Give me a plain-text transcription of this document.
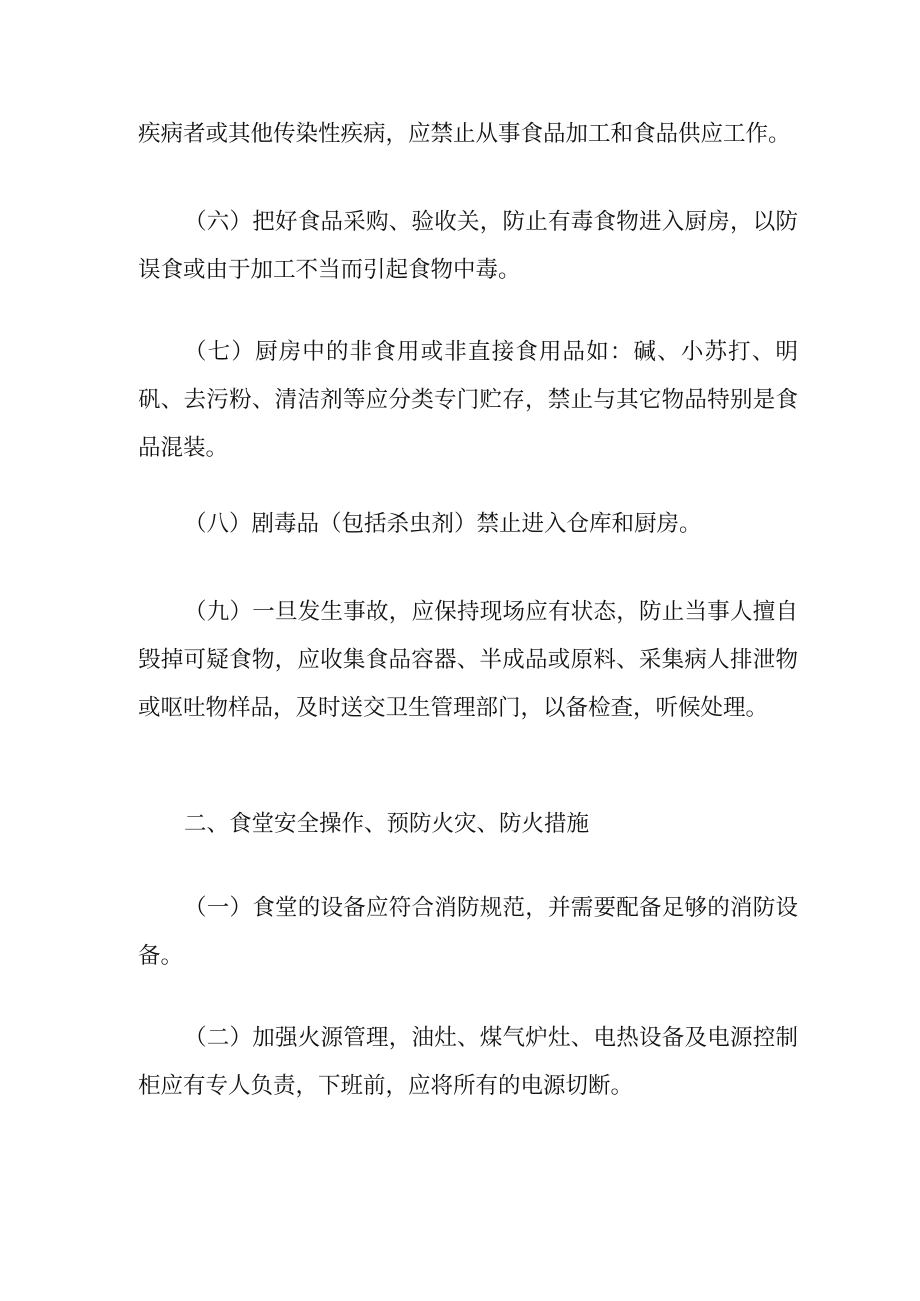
疾病者或其他传染性疾病，应禁止从事食品加工和食品供应工作。

（六）把好食品采购、验收关，防止有毒食物进入厨房，以防误食或由于加工不当而引起食物中毒。

（七）厨房中的非食用或非直接食用品如：碱、小苏打、明矾、去污粉、清洁剂等应分类专门贮存，禁止与其它物品特别是食品混装。

（八）剧毒品（包括杀虫剂）禁止进入仓库和厨房。

（九）一旦发生事故，应保持现场应有状态，防止当事人擅自毁掉可疑食物，应收集食品容器、半成品或原料、采集病人排泄物或呕吐物样品，及时送交卫生管理部门，以备检查，听候处理。

二、食堂安全操作、预防火灾、防火措施

（一）食堂的设备应符合消防规范，并需要配备足够的消防设备。

（二）加强火源管理，油灶、煤气炉灶、电热设备及电源控制柜应有专人负责，下班前，应将所有的电源切断。
